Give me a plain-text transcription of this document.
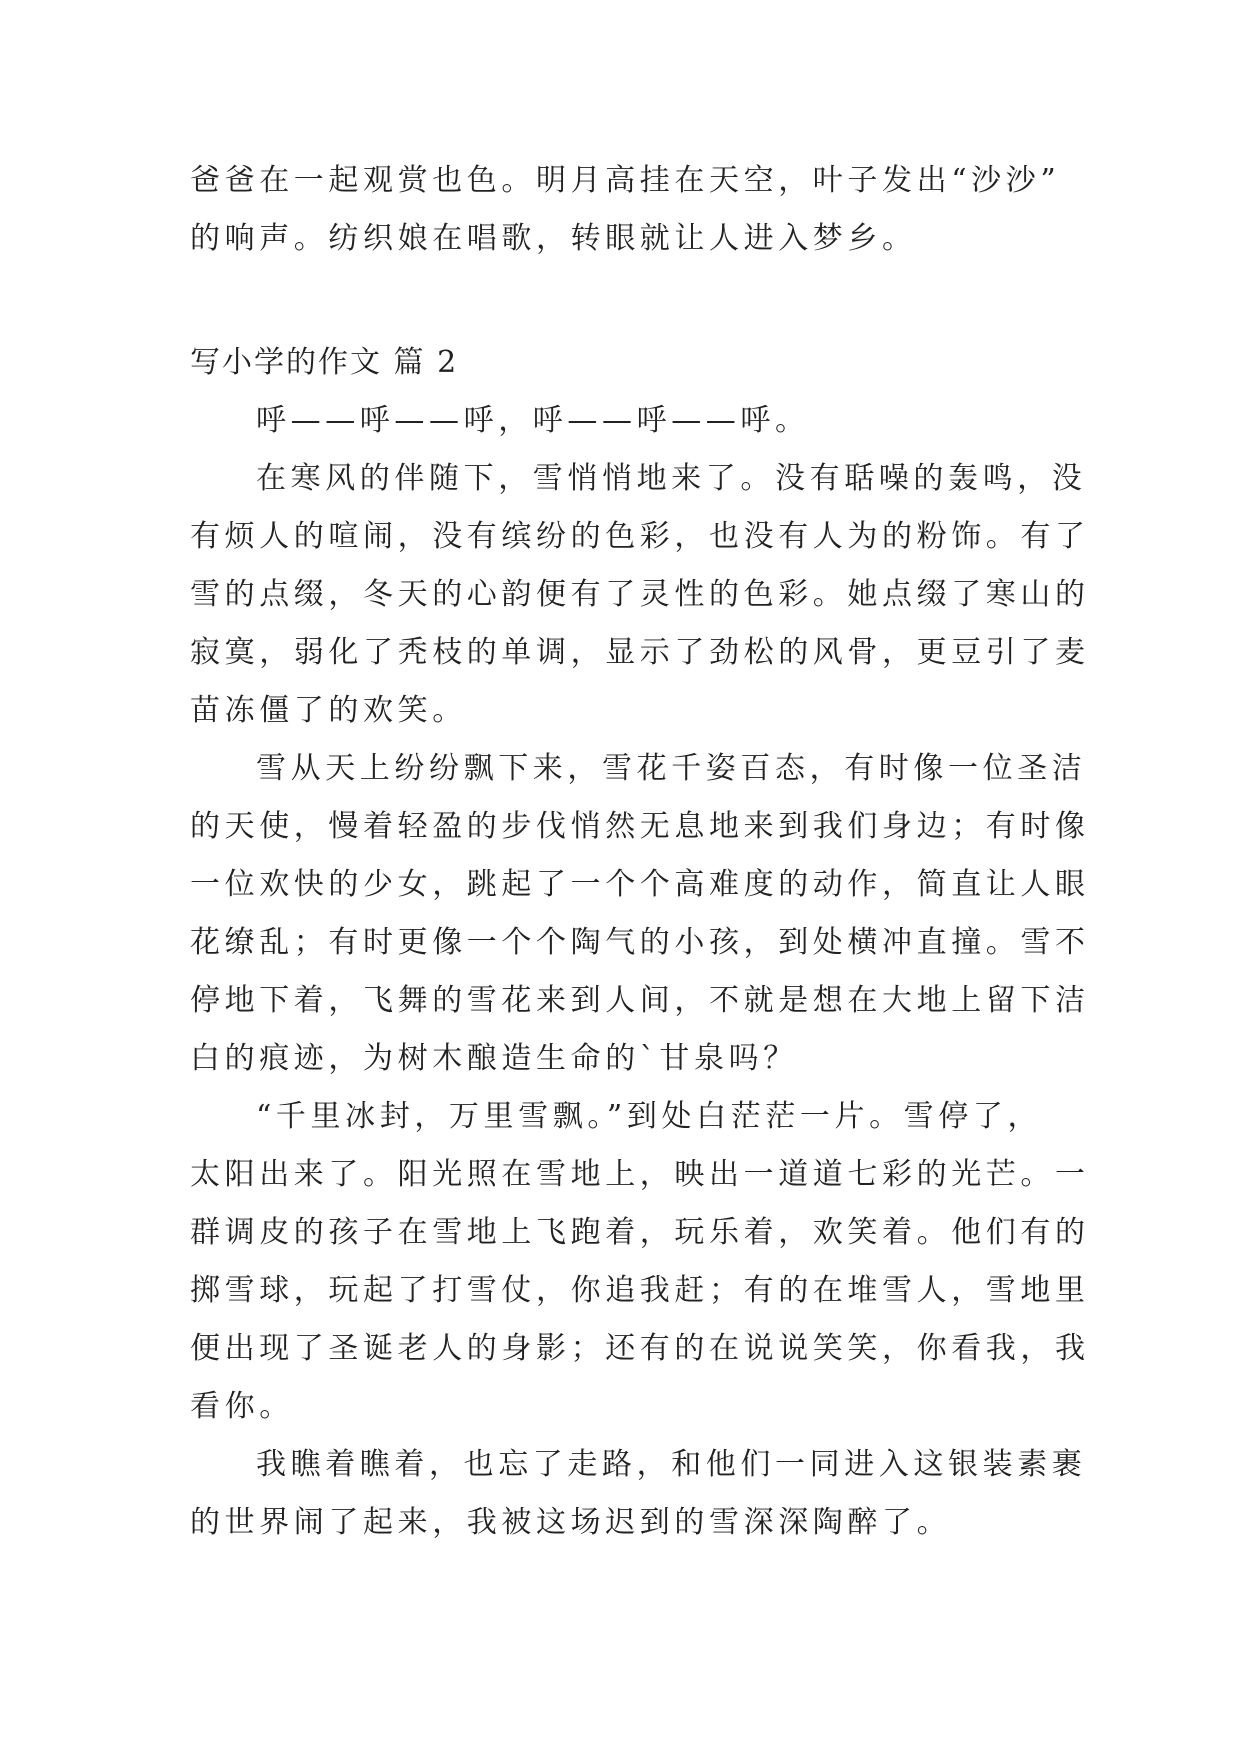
爸爸在一起观赏也色。明月高挂在天空，叶子发出“沙沙”
的响声。纺织娘在唱歌，转眼就让人进入梦乡。
写小学的作文 篇 2
呼——呼——呼，呼——呼——呼。
在寒风的伴随下，雪悄悄地来了。没有聒噪的轰鸣，没
有烦人的喧闹，没有缤纷的色彩，也没有人为的粉饰。有了
雪的点缀，冬天的心韵便有了灵性的色彩。她点缀了寒山的
寂寞，弱化了秃枝的单调，显示了劲松的风骨，更豆引了麦
苗冻僵了的欢笑。
雪从天上纷纷飘下来，雪花千姿百态，有时像一位圣洁
的天使，慢着轻盈的步伐悄然无息地来到我们身边；有时像
一位欢快的少女，跳起了一个个高难度的动作，简直让人眼
花缭乱；有时更像一个个陶气的小孩，到处横冲直撞。雪不
停地下着，飞舞的雪花来到人间，不就是想在大地上留下洁
白的痕迹，为树木酿造生命的`甘泉吗？
“千里冰封，万里雪飘。”到处白茫茫一片。雪停了，
太阳出来了。阳光照在雪地上，映出一道道七彩的光芒。一
群调皮的孩子在雪地上飞跑着，玩乐着，欢笑着。他们有的
掷雪球，玩起了打雪仗，你追我赶；有的在堆雪人，雪地里
便出现了圣诞老人的身影；还有的在说说笑笑，你看我，我
看你。
我瞧着瞧着，也忘了走路，和他们一同进入这银装素裹
的世界闹了起来，我被这场迟到的雪深深陶醉了。
